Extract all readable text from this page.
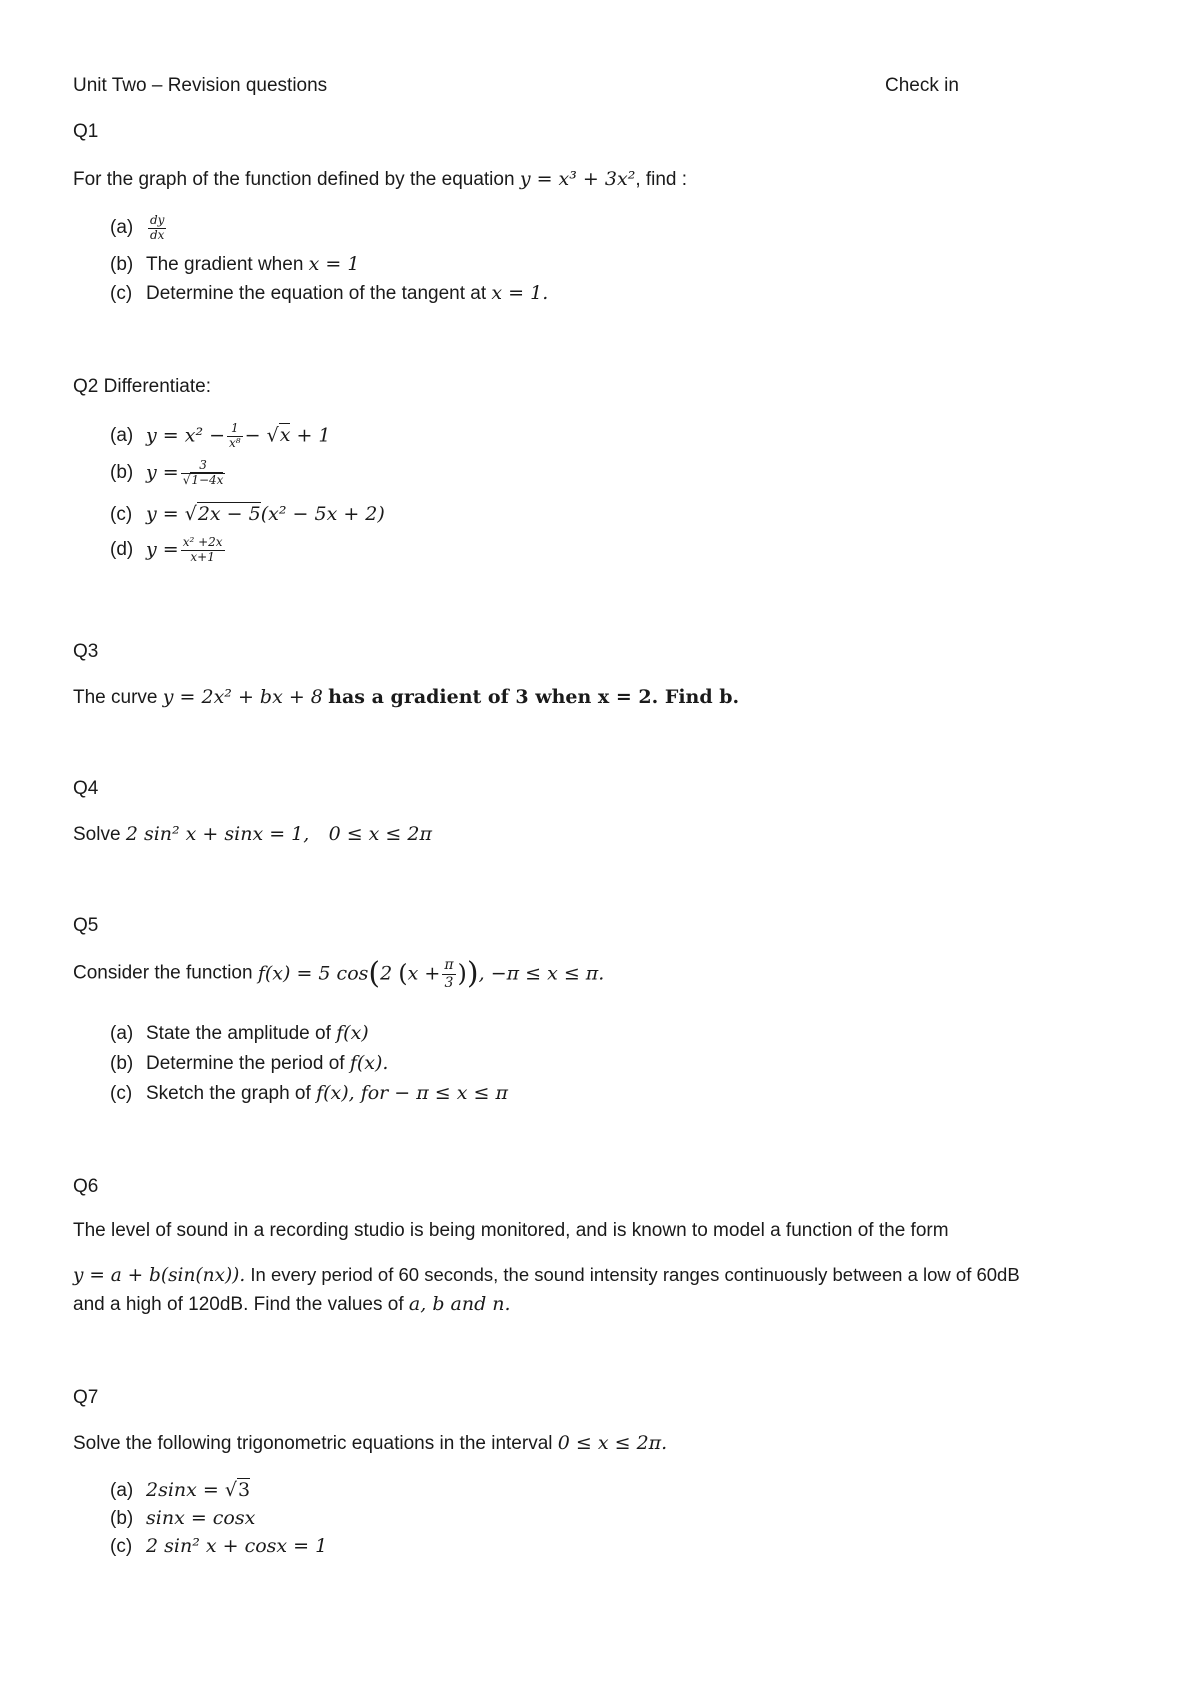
Unit Two – Revision questions	Check in
Q1
For the graph of the function defined by the equation y = x³ + 3x², find :
$(a) \frac{dy}{dx}$
(b) The gradient when x = 1
(c) Determine the equation of the tangent at x = 1.
Q2 Differentiate:
(a) $y = x^2 - \frac{1}{\text{x⁸}} - √x + 1$
(b) $y = \frac{3}{√1-4x}$
(c) y = √2x − 5(x² − 5x + 2)
(d) $y = \frac{\text{x² +2x}}{x+1}$
Q3
The curve y = 2x² + bx + 8 has a gradient of 3 when x = 2. Find b.
Q4
Solve 2 sin² x + sinx = 1, 0 ≤ x ≤ 2π
Q5
Consider the function f(x) = 5 cos(2 ($x + \frac{\pi}{3}$ )), −π ≤ x ≤ π.
(a) State the amplitude of f(x)
(b) Determine the period of f(x).
(c) Sketch the graph of f(x), for − π ≤ x ≤ π
Q6
The level of sound in a recording studio is being monitored, and is known to model a function of the form
y = a + b(sin(nx)). In every period of 60 seconds, the sound intensity ranges continuously between a low of 60dB
and a high of 120dB. Find the values of a, b and n.
Q7
Solve the following trigonometric equations in the interval 0 ≤ x ≤ 2π.
(a) 2sinx = √3
(b) sinx = cosx
(c) 2 sin² x + cosx = 1
